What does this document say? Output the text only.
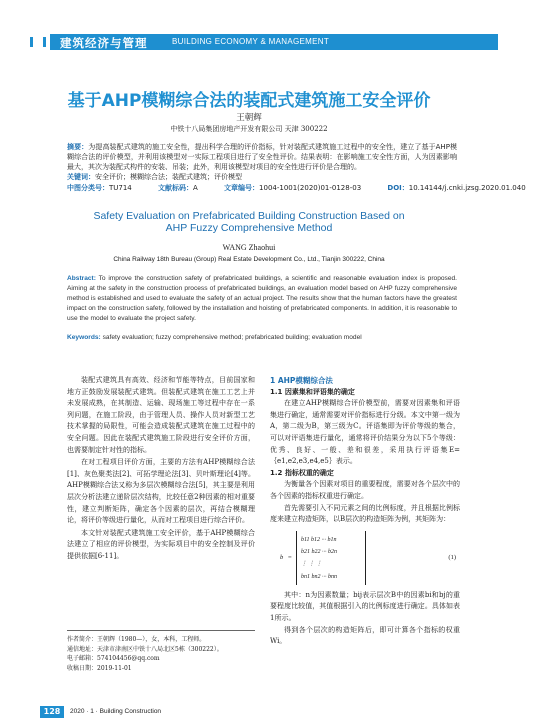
建筑经济与管理	BUILDING ECONOMY & MANAGEMENT
基于AHP模糊综合法的装配式建筑施工安全评价
王朝辉
中铁十八局集团房地产开发有限公司 天津 300222
摘要：为提高装配式建筑的施工安全性，提出科学合理的评价指标，针对装配式建筑施工过程中的安全性，建立了基于AHP模糊综合法的评价模型，并利用该模型对一实际工程项目进行了安全性评价。结果表明：在影响施工安全性方面，人为因素影响最大，其次为装配式构件的安装、吊装；此外，利用该模型对项目的安全性进行评价是合理的。
关键词：安全评价；模糊综合法；装配式建筑；评价模型
中图分类号：TU714	文献标码：A	文章编号：1004-1001(2020)01-0128-03	DOI：10.14144/j.cnki.jzsg.2020.01.040
Safety Evaluation on Prefabricated Building Construction Based on
AHP Fuzzy Comprehensive Method
WANG Zhaohui
China Railway 18th Bureau (Group) Real Estate Development Co., Ltd., Tianjin 300222, China
Abstract: To improve the construction safety of prefabricated buildings, a scientific and reasonable evaluation index is proposed. Aiming at the safety in the construction process of prefabricated buildings, an evaluation model based on AHP fuzzy comprehensive method is established and used to evaluate the safety of an actual project. The results show that the human factors have the greatest impact on the construction safety, followed by the installation and hoisting of prefabricated components. In addition, it is reasonable to use the model to evaluate the project safety.
Keywords: safety evaluation; fuzzy comprehensive method; prefabricated building; evaluation model

装配式建筑具有高效、经济和节能等特点，目前国家和地方正鼓励发展装配式建筑。但装配式建筑在施工工艺上并未发展成熟，在其制造、运输、现场施工等过程中存在一系列问题，在施工阶段，由于管理人员、操作人员对新型工艺技术掌握的局限性，可能会造成装配式建筑在施工过程中的安全问题。因此在装配式建筑施工阶段进行安全评价方面，也需要制定针对性的指标。

在对工程项目评价方面，主要的方法有AHP模糊综合法[1]、灰色聚类法[2]、可拓学理论法[3]、贝叶斯理论[4]等。AHP模糊综合法又称为多层次模糊综合法[5]，其主要是利用层次分析法建立递阶层次结构，比较任意2种因素的相对重要性，建立判断矩阵，确定各个因素的层次，再结合模糊理论，将评价等级进行量化，从而对工程项目进行综合评价。

本文针对装配式建筑施工安全评价，基于AHP模糊综合法建立了相应的评价模型，为实际项目中的安全控制及评价提供依据[6-11]。

1 AHP模糊综合法
1.1 因素集和评语集的确定

在建立AHP模糊综合评价模型前，需要对因素集和评语集进行确定，通常需要对评价指标进行分级。本文中第一级为A，第二级为B，第三级为C。评语集即为评价等级的集合，可以对评语集进行量化，通常将评价结果分为以下5个等级：优秀、良好、一般、差和很差，采用执行评语集E=｛e1,e2,e3,e4,e5｝表示。

1.2 指标权重的确定

为衡量各个因素对项目的重要程度，需要对各个层次中的各个因素的指标权重进行确定。

首先需要引入不同元素之间的比例标度，并且根据比例标度来建立构造矩阵，以B层次的构造矩阵为例，其矩阵为：

b =
b11 b12 ··· b1n
b21 b22 ··· b2n
⋮ ⋮ ⋮
bn1 bn2 ··· bnn
(1)

其中：n为因素数量；bij表示层次B中的因素bi和bj的重要程度比较值，其值根据引入的比例标度进行确定。具体如表1所示。

得到各个层次的构造矩阵后，即可计算各个指标的权重Wi。

作者简介：王朝辉（1980—），女，本科，工程师。
通信地址：天津市津南区中铁十八局北区5栋（300222）。
电子邮箱：574104456@qq.com
收稿日期：2019-11-01
128	2020 · 1 · Building Construction
